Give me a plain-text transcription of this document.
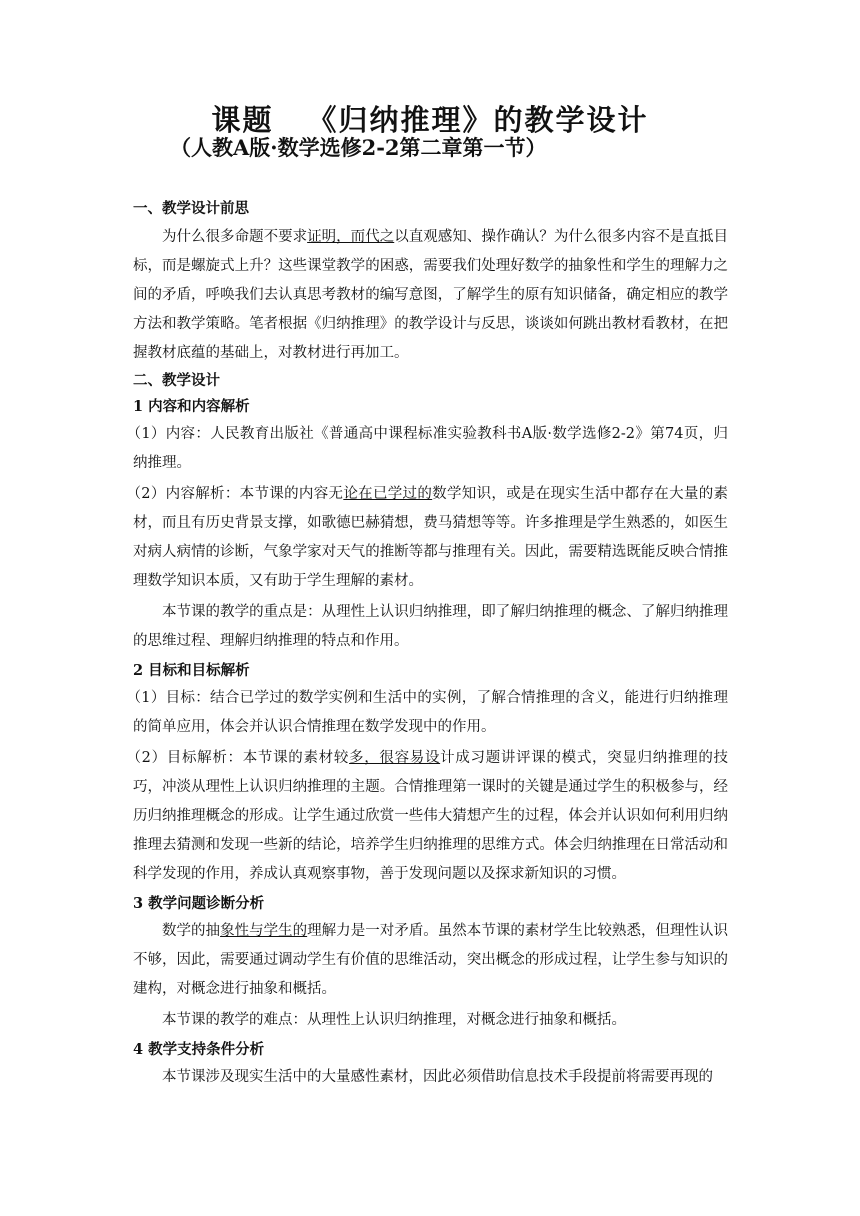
课题 《归纳推理》的教学设计
（人教A版·数学选修2-2第二章第一节）
一、教学设计前思

为什么很多命题不要求证明，而代之以直观感知、操作确认？为什么很多内容不是直抵目标，而是螺旋式上升？这些课堂教学的困惑，需要我们处理好数学的抽象性和学生的理解力之间的矛盾，呼唤我们去认真思考教材的编写意图，了解学生的原有知识储备，确定相应的教学方法和教学策略。笔者根据《归纳推理》的教学设计与反思，谈谈如何跳出教材看教材，在把握教材底蕴的基础上，对教材进行再加工。

二、教学设计
1 内容和内容解析

（1）内容：人民教育出版社《普通高中课程标准实验教科书A版·数学选修2-2》第74页，归纳推理。

（2）内容解析：本节课的内容无论在已学过的数学知识，或是在现实生活中都存在大量的素材，而且有历史背景支撑，如歌德巴赫猜想，费马猜想等等。许多推理是学生熟悉的，如医生对病人病情的诊断，气象学家对天气的推断等都与推理有关。因此，需要精选既能反映合情推理数学知识本质，又有助于学生理解的素材。

本节课的教学的重点是：从理性上认识归纳推理，即了解归纳推理的概念、了解归纳推理的思维过程、理解归纳推理的特点和作用。

2 目标和目标解析

（1）目标：结合已学过的数学实例和生活中的实例，了解合情推理的含义，能进行归纳推理的简单应用，体会并认识合情推理在数学发现中的作用。

（2）目标解析：本节课的素材较多，很容易设计成习题讲评课的模式，突显归纳推理的技巧，冲淡从理性上认识归纳推理的主题。合情推理第一课时的关键是通过学生的积极参与，经历归纳推理概念的形成。让学生通过欣赏一些伟大猜想产生的过程，体会并认识如何利用归纳推理去猜测和发现一些新的结论，培养学生归纳推理的思维方式。体会归纳推理在日常活动和科学发现的作用，养成认真观察事物，善于发现问题以及探求新知识的习惯。

3 教学问题诊断分析

数学的抽象性与学生的理解力是一对矛盾。虽然本节课的素材学生比较熟悉，但理性认识不够，因此，需要通过调动学生有价值的思维活动，突出概念的形成过程，让学生参与知识的建构，对概念进行抽象和概括。

本节课的教学的难点：从理性上认识归纳推理，对概念进行抽象和概括。

4 教学支持条件分析

本节课涉及现实生活中的大量感性素材，因此必须借助信息技术手段提前将需要再现的
